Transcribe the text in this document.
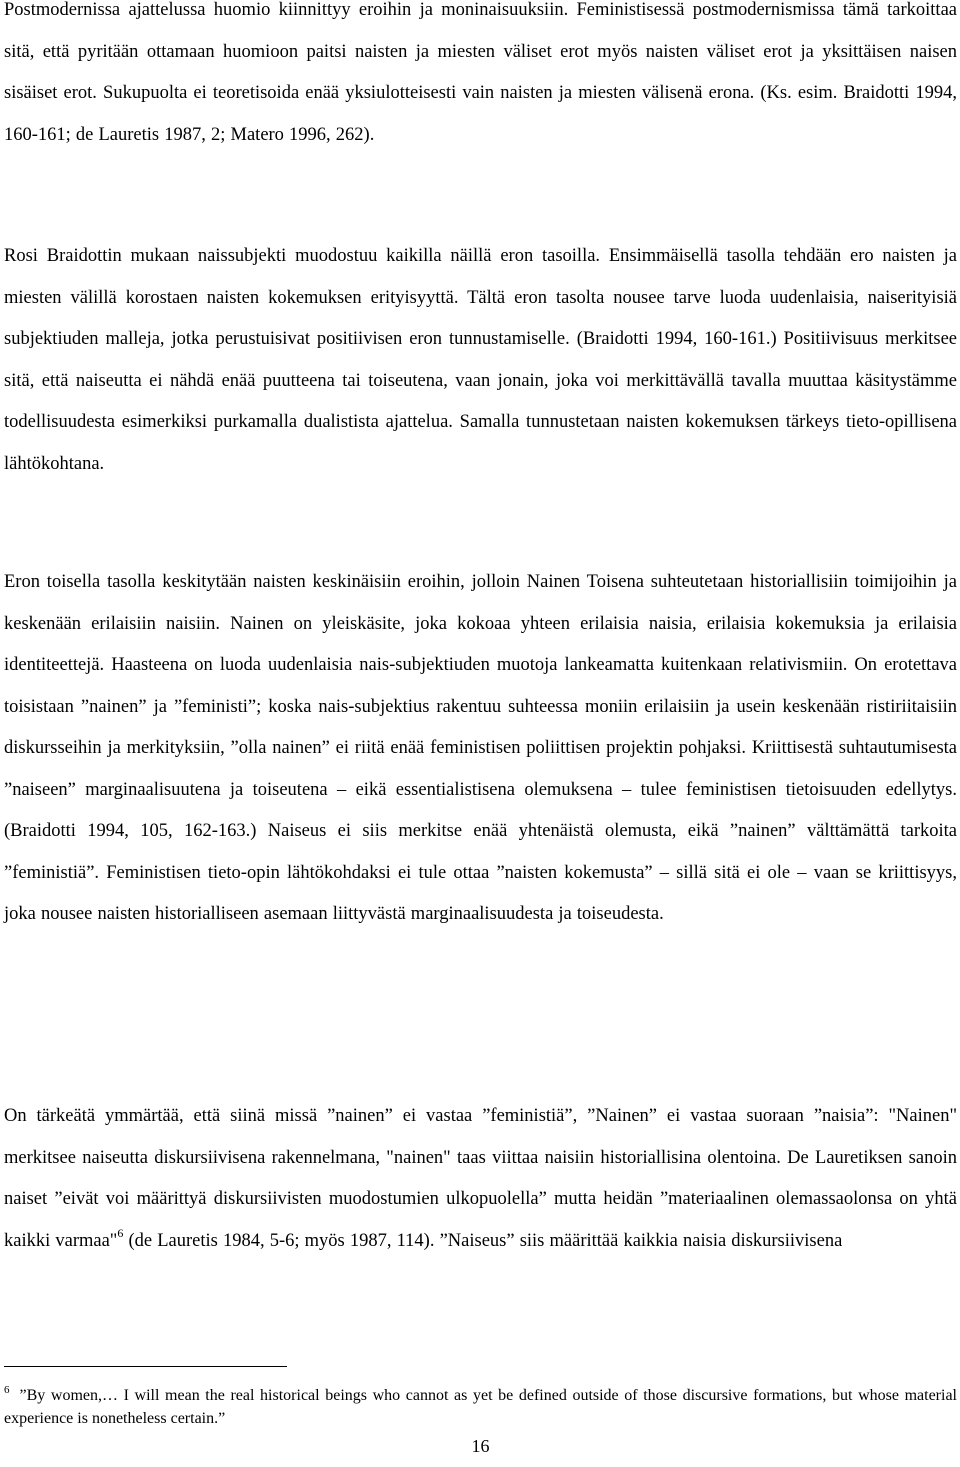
Postmodernissa ajattelussa huomio kiinnittyy eroihin ja moninaisuuksiin. Feministisessä postmodernismissa tämä tarkoittaa sitä, että pyritään ottamaan huomioon paitsi naisten ja miesten väliset erot myös naisten väliset erot ja yksittäisen naisen sisäiset erot. Sukupuolta ei teoretisoida enää yksiulotteisesti vain naisten ja miesten välisenä erona. (Ks. esim. Braidotti 1994, 160-161; de Lauretis 1987, 2; Matero 1996, 262).

Rosi Braidottin mukaan naissubjekti muodostuu kaikilla näillä eron tasoilla. Ensimmäisellä tasolla tehdään ero naisten ja miesten välillä korostaen naisten kokemuksen erityisyyttä. Tältä eron tasolta nousee tarve luoda uudenlaisia, naiserityisiä subjektiuden malleja, jotka perustuisivat positiivisen eron tunnustamiselle. (Braidotti 1994, 160-161.) Positiivisuus merkitsee sitä, että naiseutta ei nähdä enää puutteena tai toiseutena, vaan jonain, joka voi merkittävällä tavalla muuttaa käsitystämme todellisuudesta esimerkiksi purkamalla dualistista ajattelua. Samalla tunnustetaan naisten kokemuksen tärkeys tieto-opillisena lähtökohtana.

Eron toisella tasolla keskitytään naisten keskinäisiin eroihin, jolloin Nainen Toisena suhteutetaan historiallisiin toimijoihin ja keskenään erilaisiin naisiin. Nainen on yleiskäsite, joka kokoaa yhteen erilaisia naisia, erilaisia kokemuksia ja erilaisia identiteettejä. Haasteena on luoda uudenlaisia nais-subjektiuden muotoja lankeamatta kuitenkaan relativismiin. On erotettava toisistaan ”nainen” ja ”feministi”; koska nais-subjektius rakentuu suhteessa moniin erilaisiin ja usein keskenään ristiriitaisiin diskursseihin ja merkityksiin, ”olla nainen” ei riitä enää feministisen poliittisen projektin pohjaksi. Kriittisestä suhtautumisesta ”naiseen” marginaalisuutena ja toiseutena – eikä essentialistisena olemuksena – tulee feministisen tietoisuuden edellytys. (Braidotti 1994, 105, 162-163.) Naiseus ei siis merkitse enää yhtenäistä olemusta, eikä ”nainen” välttämättä tarkoita ”feministiä”. Feministisen tieto-opin lähtökohdaksi ei tule ottaa ”naisten kokemusta” – sillä sitä ei ole – vaan se kriittisyys, joka nousee naisten historialliseen asemaan liittyvästä marginaalisuudesta ja toiseudesta.

On tärkeätä ymmärtää, että siinä missä ”nainen” ei vastaa ”feministiä”, ”Nainen” ei vastaa suoraan ”naisia”: "Nainen" merkitsee naiseutta diskursiivisena rakennelmana, "nainen" taas viittaa naisiin historiallisina olentoina. De Lauretiksen sanoin naiset ”eivät voi määrittyä diskursiivisten muodostumien ulkopuolella” mutta heidän ”materiaalinen olemassaolonsa on yhtä kaikki varmaa"$^6$ (de Lauretis 1984, 5-6; myös 1987, 114). ”Naiseus” siis määrittää kaikkia naisia diskursiivisena

$^6$ ”By women,… I will mean the real historical beings who cannot as yet be defined outside of those discursive formations, but whose material experience is nonetheless certain.”

16
